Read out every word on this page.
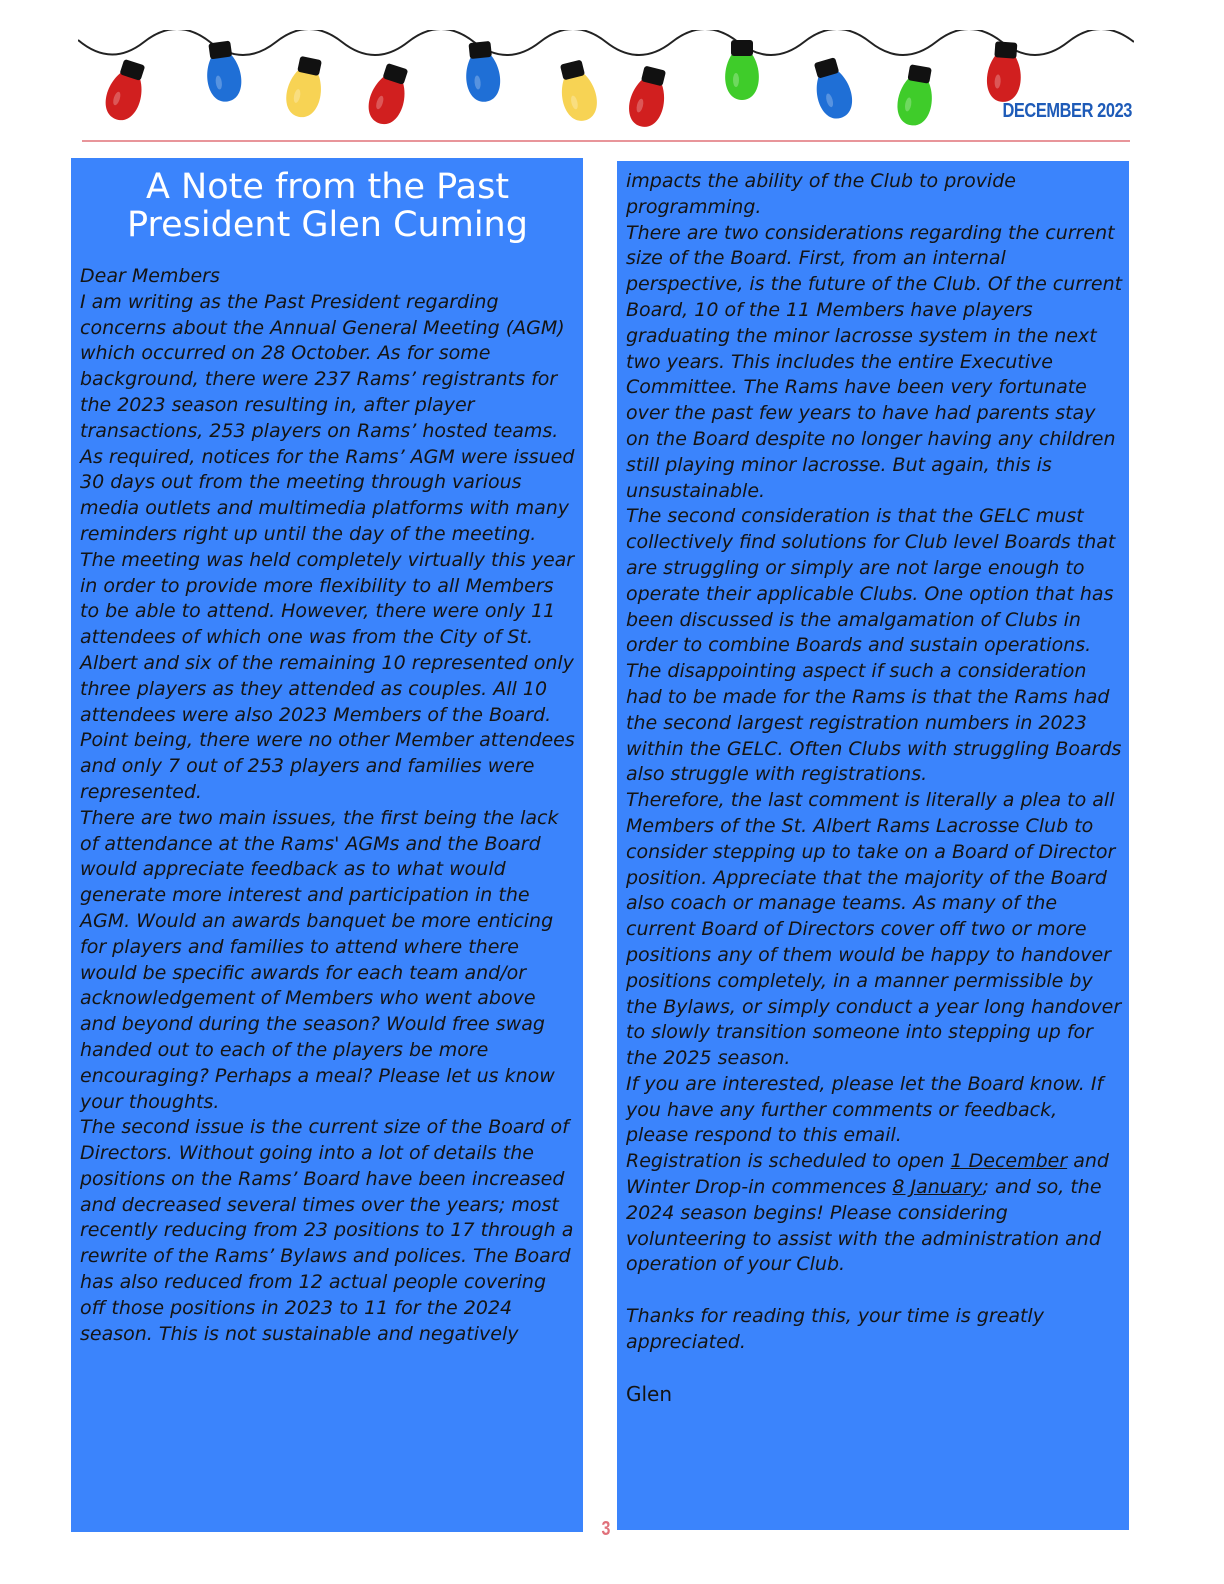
DECEMBER 2023
A Note from the Past
President Glen Cuming

Dear Members

I am writing as the Past President regarding concerns about the Annual General Meeting (AGM) which occurred on 28 October. As for some background, there were 237 Rams’ registrants for the 2023 season resulting in, after player transactions, 253 players on Rams’ hosted teams.

As required, notices for the Rams’ AGM were issued 30 days out from the meeting through various media outlets and multimedia platforms with many reminders right up until the day of the meeting. The meeting was held completely virtually this year in order to provide more flexibility to all Members to be able to attend. However, there were only 11 attendees of which one was from the City of St. Albert and six of the remaining 10 represented only three players as they attended as couples. All 10 attendees were also 2023 Members of the Board. Point being, there were no other Member attendees and only 7 out of 253 players and families were represented.

There are two main issues, the first being the lack of attendance at the Rams' AGMs and the Board would appreciate feedback as to what would generate more interest and participation in the AGM. Would an awards banquet be more enticing for players and families to attend where there would be specific awards for each team and/or acknowledgement of Members who went above and beyond during the season? Would free swag handed out to each of the players be more encouraging? Perhaps a meal? Please let us know your thoughts.

The second issue is the current size of the Board of Directors. Without going into a lot of details the positions on the Rams’ Board have been increased and decreased several times over the years; most recently reducing from 23 positions to 17 through a rewrite of the Rams’ Bylaws and polices. The Board has also reduced from 12 actual people covering off those positions in 2023 to 11 for the 2024 season. This is not sustainable and negatively

impacts the ability of the Club to provide programming.

There are two considerations regarding the current size of the Board. First, from an internal perspective, is the future of the Club. Of the current Board, 10 of the 11 Members have players graduating the minor lacrosse system in the next two years. This includes the entire Executive Committee. The Rams have been very fortunate over the past few years to have had parents stay on the Board despite no longer having any children still playing minor lacrosse. But again, this is unsustainable.

The second consideration is that the GELC must collectively find solutions for Club level Boards that are struggling or simply are not large enough to operate their applicable Clubs. One option that has been discussed is the amalgamation of Clubs in order to combine Boards and sustain operations. The disappointing aspect if such a consideration had to be made for the Rams is that the Rams had the second largest registration numbers in 2023 within the GELC. Often Clubs with struggling Boards also struggle with registrations.

Therefore, the last comment is literally a plea to all Members of the St. Albert Rams Lacrosse Club to consider stepping up to take on a Board of Director position. Appreciate that the majority of the Board also coach or manage teams. As many of the current Board of Directors cover off two or more positions any of them would be happy to handover positions completely, in a manner permissible by the Bylaws, or simply conduct a year long handover to slowly transition someone into stepping up for the 2025 season.

If you are interested, please let the Board know. If you have any further comments or feedback, please respond to this email.

Registration is scheduled to open 1 December and Winter Drop-in commences 8 January; and so, the 2024 season begins! Please considering volunteering to assist with the administration and operation of your Club.

Thanks for reading this, your time is greatly appreciated.

Glen
3
